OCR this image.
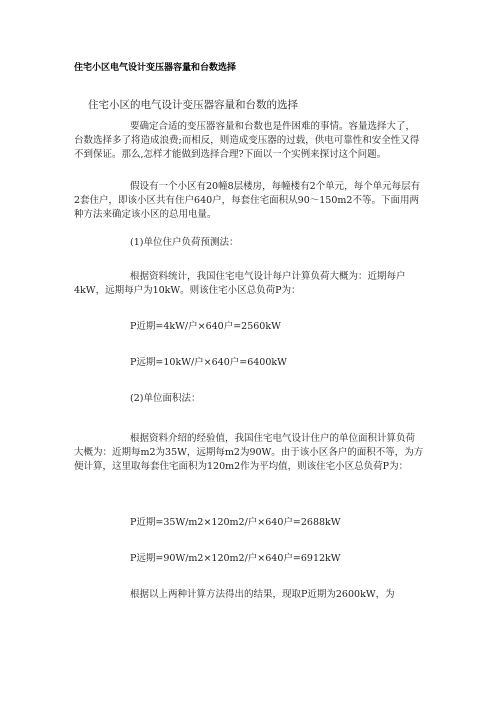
住宅小区电气设计变压器容量和台数选择
住宅小区的电气设计变压器容量和台数的选择

要确定合适的变压器容量和台数也是件困难的事情。容量选择大了，台数选择多了将造成浪费;而相反，则造成变压器的过载，供电可靠性和安全性又得不到保证。那么,怎样才能做到选择合理?下面以一个实例来探讨这个问题。

假设有一个小区有20幢8层楼房，每幢楼有2个单元，每个单元每层有2套住户，即该小区共有住户640户，每套住宅面积从90～150m2不等。下面用两种方法来确定该小区的总用电量。

(1)单位住户负荷预测法：

根据资料统计，我国住宅电气设计每户计算负荷大概为：近期每户4kW，远期每户为10kW。则该住宅小区总负荷P为：

P近期=4kW/户×640户=2560kW
P远期=10kW/户×640户=6400kW
(2)单位面积法：

根据资料介绍的经验值，我国住宅电气设计住户的单位面积计算负荷大概为：近期每m2为35W，远期每m2为90W。由于该小区各户的面积不等，为方便计算，这里取每套住宅面积为120m2作为平均值，则该住宅小区总负荷P为：

P近期=35W/m2×120m2/户×640户=2688kW
P远期=90W/m2×120m2/户×640户=6912kW
根据以上两种计算方法得出的结果，现取P近期为2600kW，为
